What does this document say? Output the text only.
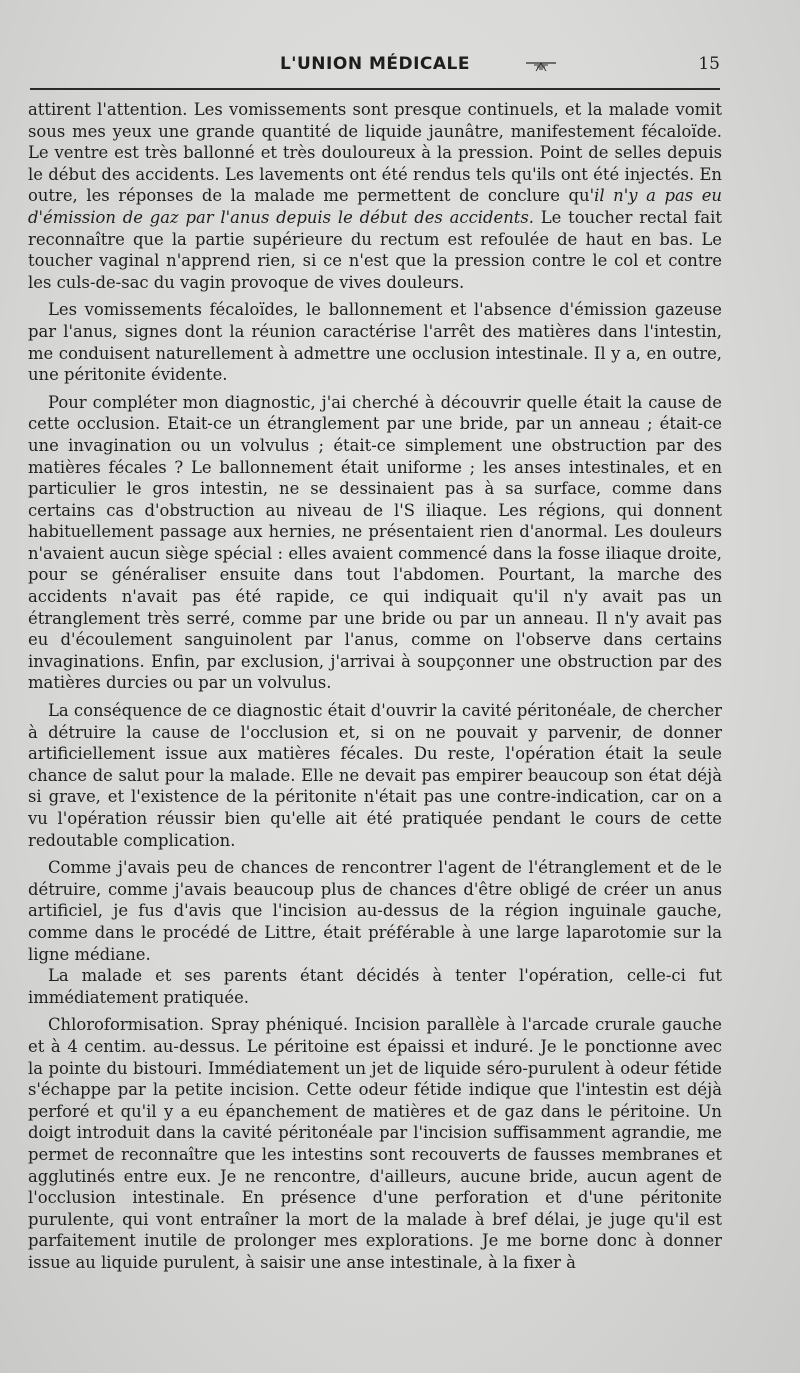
L'UNION MÉDICALE	15

attirent l'attention. Les vomissements sont presque continuels, et la malade vomit sous mes yeux une grande quantité de liquide jaunâtre, manifestement fécaloïde. Le ventre est très ballonné et très douloureux à la pression. Point de selles depuis le début des accidents. Les lavements ont été rendus tels qu'ils ont été injectés. En outre, les réponses de la malade me permettent de conclure qu'il n'y a pas eu d'émission de gaz par l'anus depuis le début des accidents. Le toucher rectal fait reconnaître que la partie supérieure du rectum est refoulée de haut en bas. Le toucher vaginal n'apprend rien, si ce n'est que la pression contre le col et contre les culs-de-sac du vagin provoque de vives douleurs.

Les vomissements fécaloïdes, le ballonnement et l'absence d'émission gazeuse par l'anus, signes dont la réunion caractérise l'arrêt des matières dans l'intestin, me conduisent naturellement à admettre une occlusion intestinale. Il y a, en outre, une péritonite évidente.

Pour compléter mon diagnostic, j'ai cherché à découvrir quelle était la cause de cette occlusion. Etait-ce un étranglement par une bride, par un anneau ; était-ce une invagination ou un volvulus ; était-ce simplement une obstruction par des matières fécales ? Le ballonnement était uniforme ; les anses intestinales, et en particulier le gros intestin, ne se dessinaient pas à sa surface, comme dans certains cas d'obstruction au niveau de l'S iliaque. Les régions, qui donnent habituellement passage aux hernies, ne présentaient rien d'anormal. Les douleurs n'avaient aucun siège spécial : elles avaient commencé dans la fosse iliaque droite, pour se généraliser ensuite dans tout l'abdomen. Pourtant, la marche des accidents n'avait pas été rapide, ce qui indiquait qu'il n'y avait pas un étranglement très serré, comme par une bride ou par un anneau. Il n'y avait pas eu d'écoulement sanguinolent par l'anus, comme on l'observe dans certains invaginations. Enfin, par exclusion, j'arrivai à soupçonner une obstruction par des matières durcies ou par un volvulus.

La conséquence de ce diagnostic était d'ouvrir la cavité péritonéale, de chercher à détruire la cause de l'occlusion et, si on ne pouvait y parvenir, de donner artificiellement issue aux matières fécales. Du reste, l'opération était la seule chance de salut pour la malade. Elle ne devait pas empirer beaucoup son état déjà si grave, et l'existence de la péritonite n'était pas une contre-indication, car on a vu l'opération réussir bien qu'elle ait été pratiquée pendant le cours de cette redoutable complication.

Comme j'avais peu de chances de rencontrer l'agent de l'étranglement et de le détruire, comme j'avais beaucoup plus de chances d'être obligé de créer un anus artificiel, je fus d'avis que l'incision au-dessus de la région inguinale gauche, comme dans le procédé de Littre, était préférable à une large laparotomie sur la ligne médiane.

La malade et ses parents étant décidés à tenter l'opération, celle-ci fut immédiatement pratiquée.

Chloroformisation. Spray phéniqué. Incision parallèle à l'arcade crurale gauche et à 4 centim. au-dessus. Le péritoine est épaissi et induré. Je le ponctionne avec la pointe du bistouri. Immédiatement un jet de liquide séro-purulent à odeur fétide s'échappe par la petite incision. Cette odeur fétide indique que l'intestin est déjà perforé et qu'il y a eu épanchement de matières et de gaz dans le péritoine. Un doigt introduit dans la cavité péritonéale par l'incision suffisamment agrandie, me permet de reconnaître que les intestins sont recouverts de fausses membranes et agglutinés entre eux. Je ne rencontre, d'ailleurs, aucune bride, aucun agent de l'occlusion intestinale. En présence d'une perforation et d'une péritonite purulente, qui vont entraîner la mort de la malade à bref délai, je juge qu'il est parfaitement inutile de prolonger mes explorations. Je me borne donc à donner issue au liquide purulent, à saisir une anse intestinale, à la fixer à
